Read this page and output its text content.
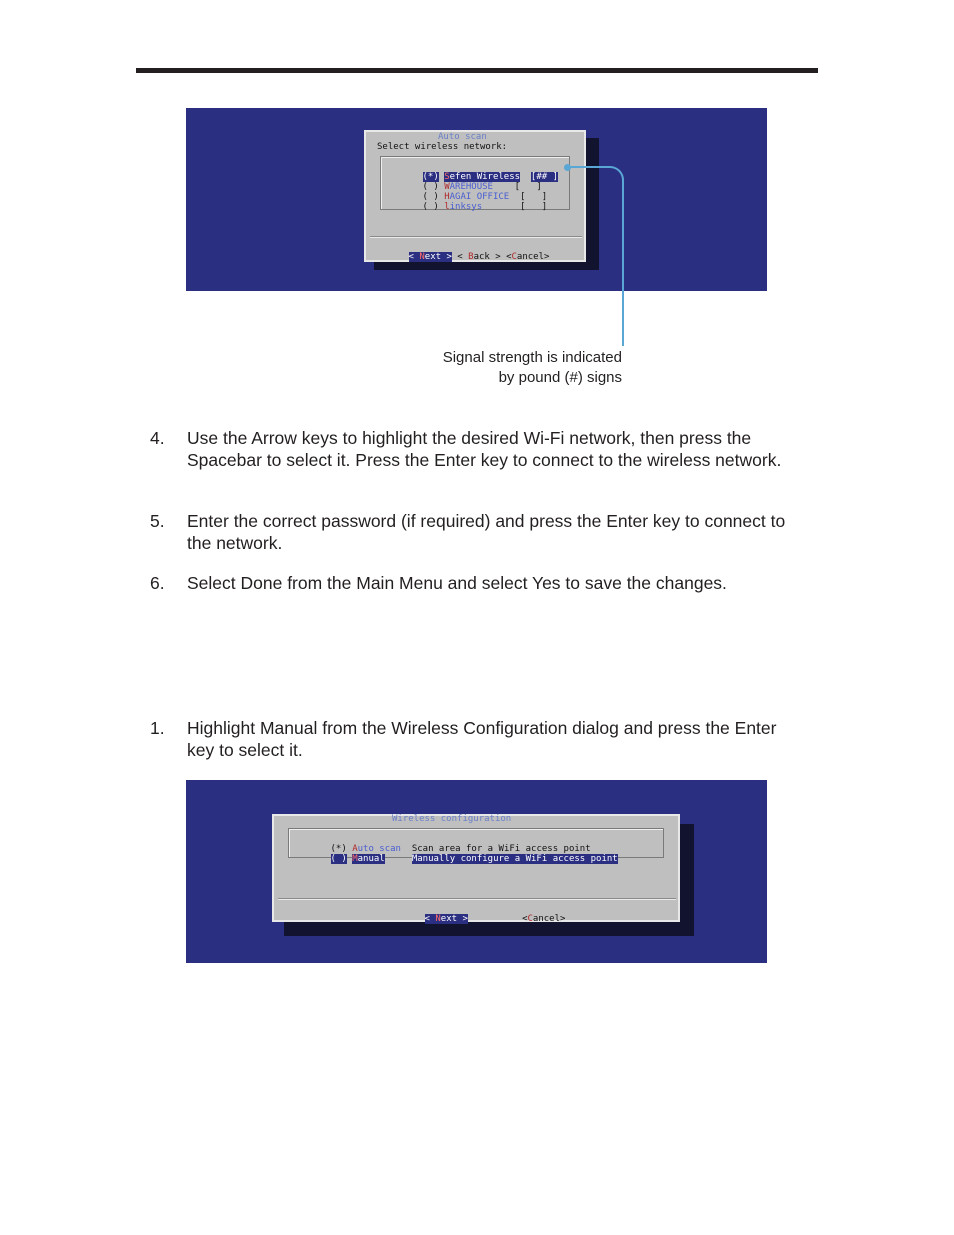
Auto scan

Select wireless network:

(*) Sefen Wireless [## ]

( ) WAREHOUSE [   ]

( ) HAGAI OFFICE [   ]

( ) linksys	[   ]

< Next > < Back > <Cancel>

Signal strength is indicated
by pound (#) signs
4. Use the Arrow keys to highlight the desired Wi-Fi network, then press the Spacebar to select it. Press the Enter key to connect to the wireless network.
5. Enter the correct password (if required) and press the Enter key to connect to the network.
6. Select Done from the Main Menu and select Yes to save the changes.
1. Highlight Manual from the Wireless Configuration dialog and press the Enter key to select it.

Wireless configuration

(*) Auto scan Scan area for a WiFi access point

( ) Manual	Manually configure a WiFi access point

< Next >	<Cancel>
